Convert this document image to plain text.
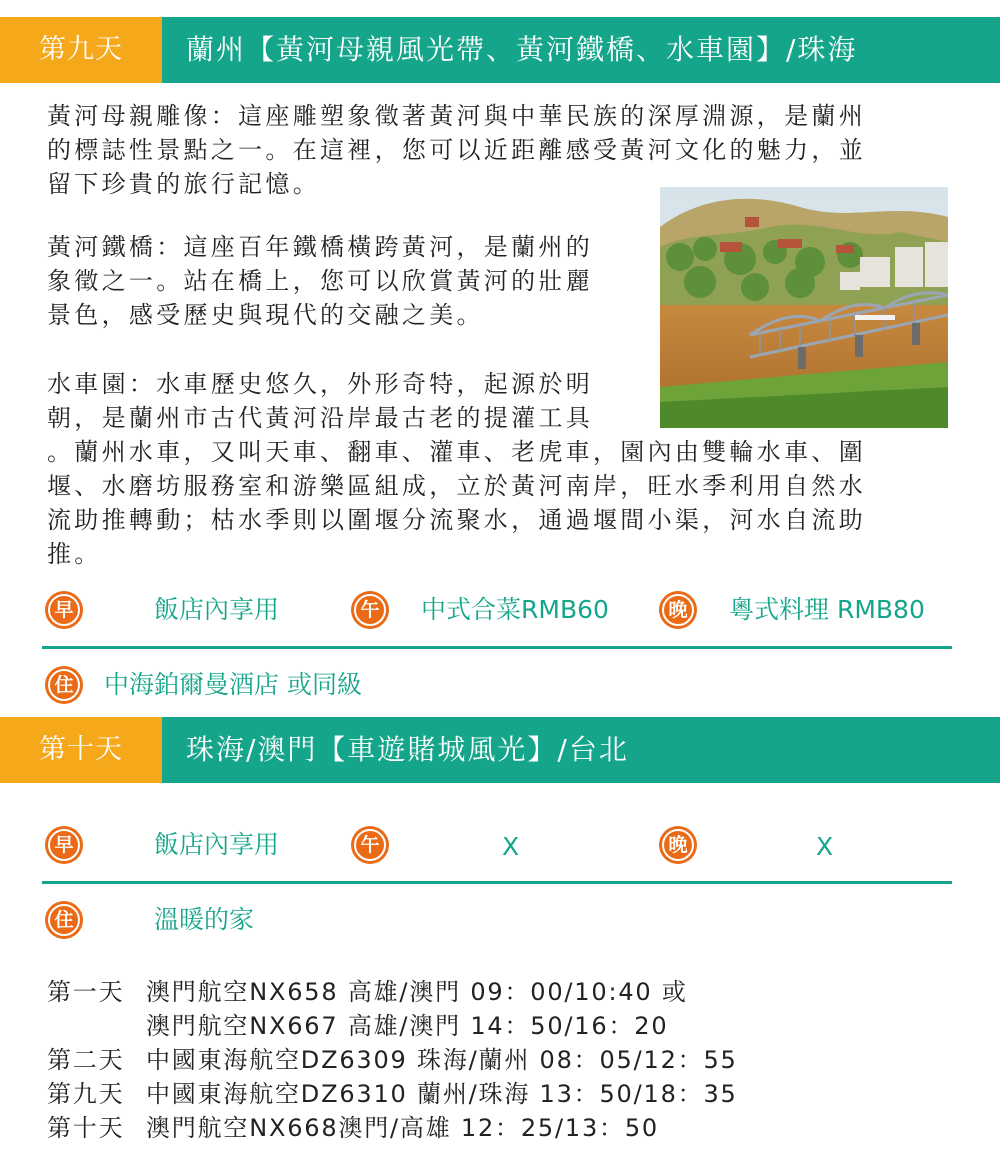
第九天	蘭州【黃河母親風光帶、黃河鐵橋、水車園】/珠海
黃河母親雕像：這座雕塑象徵著黃河與中華民族的深厚淵源，是蘭州
的標誌性景點之一。在這裡，您可以近距離感受黃河文化的魅力，並
留下珍貴的旅行記憶。
黃河鐵橋：這座百年鐵橋橫跨黃河，是蘭州的
象徵之一。站在橋上，您可以欣賞黃河的壯麗
景色，感受歷史與現代的交融之美。
水車園：水車歷史悠久，外形奇特，起源於明
朝，是蘭州市古代黃河沿岸最古老的提灌工具
。蘭州水車，又叫天車、翻車、灌車、老虎車，園內由雙輪水車、圍
堰、水磨坊服務室和游樂區組成，立於黃河南岸，旺水季利用自然水
流助推轉動；枯水季則以圍堰分流聚水，通過堰間小渠，河水自流助
推。
早	飯店內享用	午 中式合菜RMB60	晚 粵式料理 RMB80
住 中海鉑爾曼酒店 或同級
第十天	珠海/澳門【車遊賭城風光】/台北
早	飯店內享用	午	X	晚	X
住	溫暖的家
第一天 澳門航空NX658 高雄/澳門 09：00/10:40 或
澳門航空NX667 高雄/澳門 14：50/16：20
第二天 中國東海航空DZ6309 珠海/蘭州 08：05/12：55
第九天 中國東海航空DZ6310 蘭州/珠海 13：50/18：35
第十天 澳門航空NX668澳門/高雄 12：25/13：50
